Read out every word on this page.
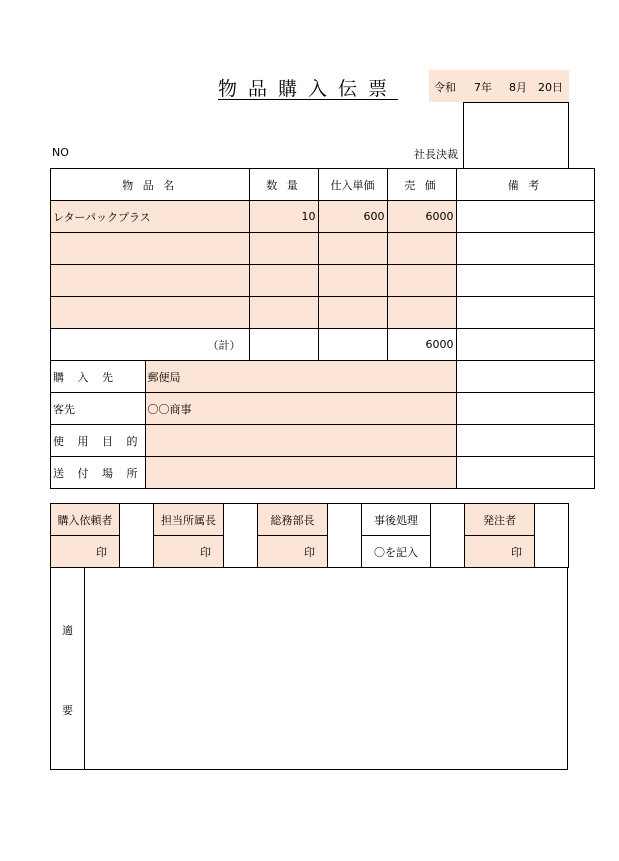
物品購入伝票	令和 7年 8月 20日
NO	社長決裁
物 品 名		数 量	仕入単価	売 価	備 考
レターパックプラス		10	600	6000	

（計）				6000	
購 入 先	郵便局				
客先	〇〇商事				
使 用 目 的					
送 付 場 所					
購入依頼者		担当所属長		総務部長		事後処理		発注者	
印		印		印		〇を記入		印	
適
要
